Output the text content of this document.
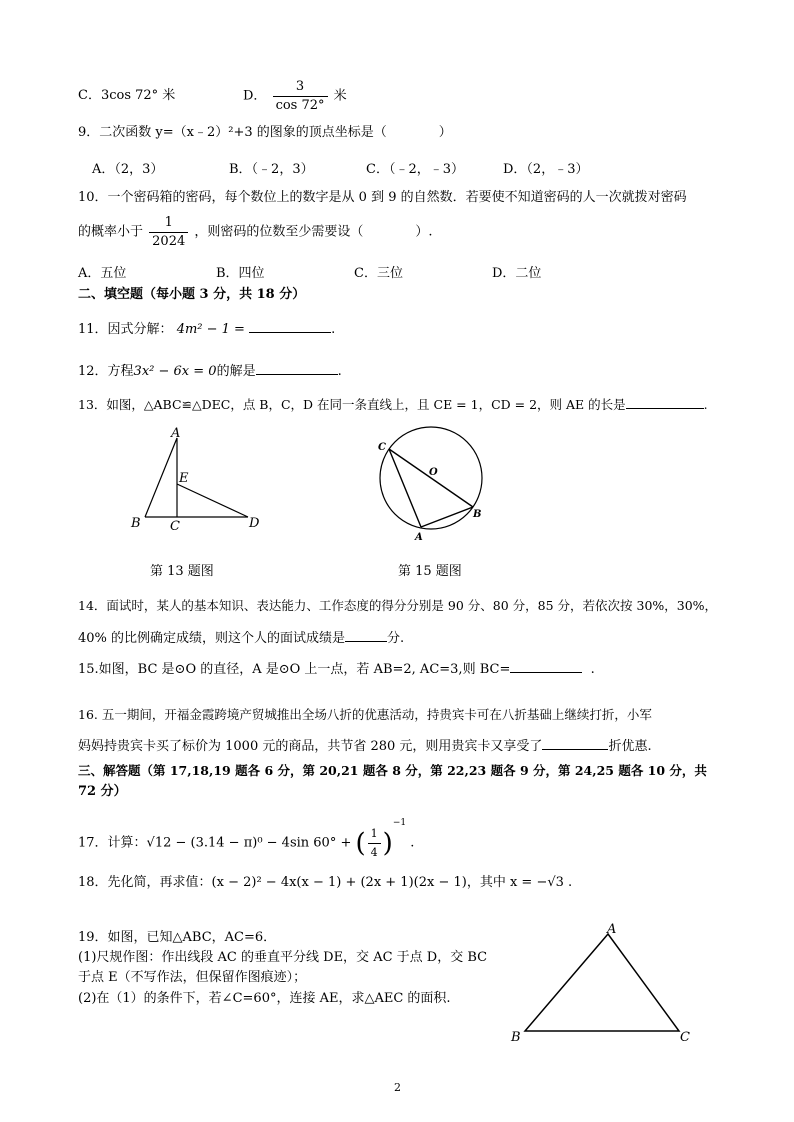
C．3cos 72° 米	D． $\frac{3}{\cos 72^\circ}$ 米
9．二次函数 y=（x﹣2）²+3 的图象的顶点坐标是（	）
A．（2，3）	B．（﹣2，3）	C．（﹣2，﹣3）	D．（2，﹣3）
10．一个密码箱的密码，每个数位上的数字是从 0 到 9 的自然数．若要使不知道密码的人一次就拨对密码
的概率小于 $\frac{1}{2024}$ ，则密码的位数至少需要设（	）.
A．五位	B．四位	C．三位	D．二位
二、填空题（每小题 3 分，共 18 分）
11．因式分解： 4m² − 1 =	.
12．方程3x² − 6x = 0的解是	.
13．如图，△ABC≌△DEC，点 B，C，D 在同一条直线上，且 CE = 1，CD = 2，则 AE 的长是	.
A
E
B C	D
第 13 题图
C
O
B
A
第 15 题图
14．面试时，某人的基本知识、表达能力、工作态度的得分分别是 90 分、80 分，85 分，若依次按 30%，30%，
40% 的比例确定成绩，则这个人的面试成绩是	分.
15.如图，BC 是⊙O 的直径，A 是⊙O 上一点，若 AB=2, AC=3,则 BC=	.
16. 五一期间，开福金霞跨境产贸城推出全场八折的优惠活动，持贵宾卡可在八折基础上继续打折，小军
妈妈持贵宾卡买了标价为 1000 元的商品，共节省 280 元，则用贵宾卡又享受了	折优惠.
三、解答题（第 17,18,19 题各 6 分，第 20,21 题各 8 分，第 22,23 题各 9 分，第 24,25 题各 10 分，共
72 分）
17．计算：√12 − (3.14 − π)⁰ − 4sin 60° + ( $\frac{1}{4} )^{-1}$ .
18．先化简，再求值：(x − 2)² − 4x(x − 1) + (2x + 1)(2x − 1)，其中 x = −√3 .
19．如图，已知△ABC，AC=6．
(1)尺规作图：作出线段 AC 的垂直平分线 DE，交 AC 于点 D，交 BC
于点 E（不写作法，但保留作图痕迹）；
(2)在（1）的条件下，若∠C=60°，连接 AE，求△AEC 的面积.
A
B	C
2
